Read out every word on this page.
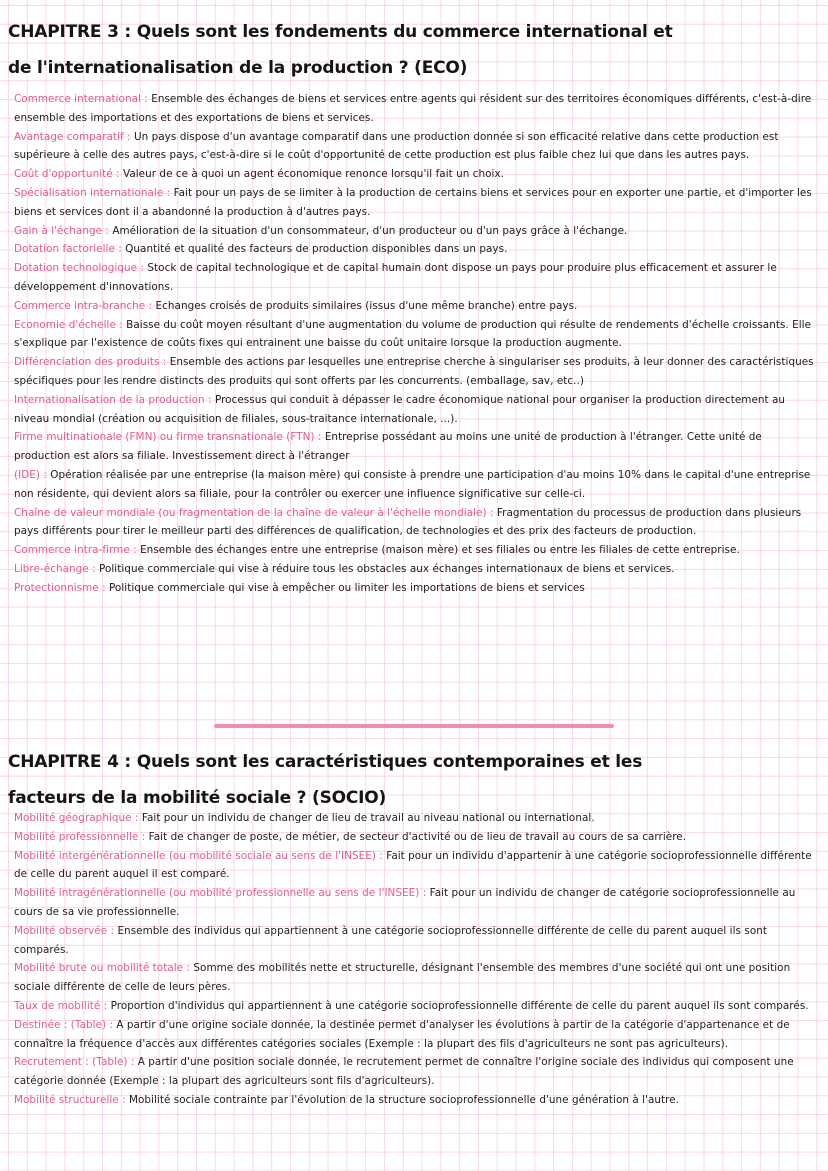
CHAPITRE 3 : Quels sont les fondements du commerce international et
de l'internationalisation de la production ? (ECO)

Commerce international : Ensemble des échanges de biens et services entre agents qui résident sur des territoires économiques différents, c'est-à-dire ensemble des importations et des exportations de biens et services.

Avantage comparatif : Un pays dispose d'un avantage comparatif dans une production donnée si son efficacité relative dans cette production est supérieure à celle des autres pays, c'est-à-dire si le coût d'opportunité de cette production est plus faible chez lui que dans les autres pays.

Coût d'opportunité : Valeur de ce à quoi un agent économique renonce lorsqu'il fait un choix.

Spécialisation internationale : Fait pour un pays de se limiter à la production de certains biens et services pour en exporter une partie, et d'importer les biens et services dont il a abandonné la production à d'autres pays.

Gain à l'échange : Amélioration de la situation d'un consommateur, d'un producteur ou d'un pays grâce à l'échange.

Dotation factorielle : Quantité et qualité des facteurs de production disponibles dans un pays.

Dotation technologique : Stock de capital technologique et de capital humain dont dispose un pays pour produire plus efficacement et assurer le développement d'innovations.

Commerce intra-branche : Echanges croisés de produits similaires (issus d'une même branche) entre pays.

Economie d'échelle : Baisse du coût moyen résultant d'une augmentation du volume de production qui résulte de rendements d'échelle croissants. Elle s'explique par l'existence de coûts fixes qui entrainent une baisse du coût unitaire lorsque la production augmente.

Différenciation des produits : Ensemble des actions par lesquelles une entreprise cherche à singulariser ses produits, à leur donner des caractéristiques spécifiques pour les rendre distincts des produits qui sont offerts par les concurrents. (emballage, sav, etc..)

Internationalisation de la production : Processus qui conduit à dépasser le cadre économique national pour organiser la production directement au niveau mondial (création ou acquisition de filiales, sous-traitance internationale, ...).

Firme multinationale (FMN) ou firme transnationale (FTN) : Entreprise possédant au moins une unité de production à l'étranger. Cette unité de production est alors sa filiale. Investissement direct à l'étranger

(IDE) : Opération réalisée par une entreprise (la maison mère) qui consiste à prendre une participation d'au moins 10% dans le capital d'une entreprise non résidente, qui devient alors sa filiale, pour la contrôler ou exercer une influence significative sur celle-ci.

Chaîne de valeur mondiale (ou fragmentation de la chaîne de valeur à l'échelle mondiale) : Fragmentation du processus de production dans plusieurs pays différents pour tirer le meilleur parti des différences de qualification, de technologies et des prix des facteurs de production.

Commerce intra-firme : Ensemble des échanges entre une entreprise (maison mère) et ses filiales ou entre les filiales de cette entreprise.

Libre-échange : Politique commerciale qui vise à réduire tous les obstacles aux échanges internationaux de biens et services.

Protectionnisme : Politique commerciale qui vise à empêcher ou limiter les importations de biens et services

CHAPITRE 4 : Quels sont les caractéristiques contemporaines et les
facteurs de la mobilité sociale ? (SOCIO)

Mobilité géographique : Fait pour un individu de changer de lieu de travail au niveau national ou international.

Mobilité professionnelle : Fait de changer de poste, de métier, de secteur d'activité ou de lieu de travail au cours de sa carrière.

Mobilité intergénérationnelle (ou mobilité sociale au sens de l'INSEE) : Fait pour un individu d'appartenir à une catégorie socioprofessionnelle différente de celle du parent auquel il est comparé.

Mobilité intragénérationnelle (ou mobilité professionnelle au sens de l'INSEE) : Fait pour un individu de changer de catégorie socioprofessionnelle au cours de sa vie professionnelle.

Mobilité observée : Ensemble des individus qui appartiennent à une catégorie socioprofessionnelle différente de celle du parent auquel ils sont comparés.

Mobilité brute ou mobilité totale : Somme des mobilités nette et structurelle, désignant l'ensemble des membres d'une société qui ont une position sociale différente de celle de leurs pères.

Taux de mobilité : Proportion d'individus qui appartiennent à une catégorie socioprofessionnelle différente de celle du parent auquel ils sont comparés.

Destinée : (Table) : A partir d'une origine sociale donnée, la destinée permet d'analyser les évolutions à partir de la catégorie d'appartenance et de connaître la fréquence d'accès aux différentes catégories sociales (Exemple : la plupart des fils d'agriculteurs ne sont pas agriculteurs).

Recrutement : (Table) : A partir d'une position sociale donnée, le recrutement permet de connaître l'origine sociale des individus qui composent une catégorie donnée (Exemple : la plupart des agriculteurs sont fils d'agriculteurs).

Mobilité structurelle : Mobilité sociale contrainte par l'évolution de la structure socioprofessionnelle d'une génération à l'autre.
